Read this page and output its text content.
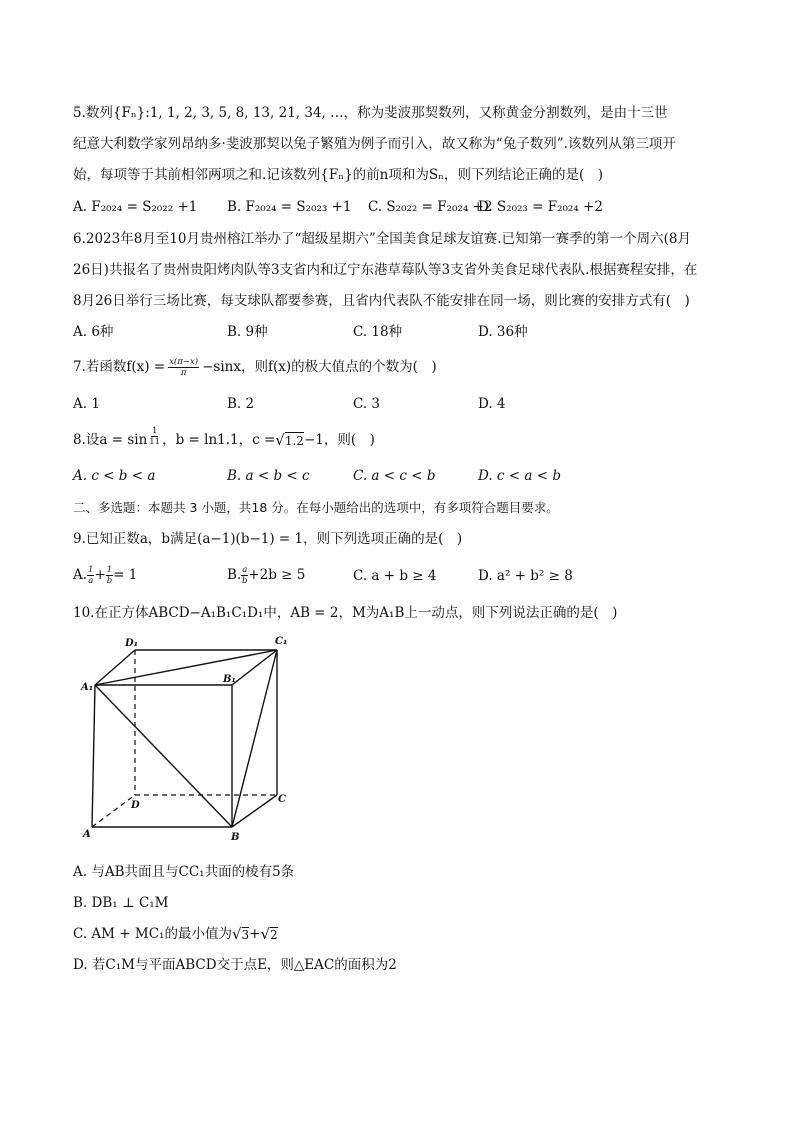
5.数列{Fₙ}:1, 1, 2, 3, 5, 8, 13, 21, 34, …，称为斐波那契数列，又称黄金分割数列，是由十三世
纪意大利数学家列昂纳多·斐波那契以兔子繁殖为例子而引入，故又称为“兔子数列”.该数列从第三项开
始，每项等于其前相邻两项之和.记该数列{Fₙ}的前n项和为Sₙ，则下列结论正确的是(　)
A. F₂₀₂₄ = S₂₀₂₂ +1 B. F₂₀₂₄ = S₂₀₂₃ +1 C. S₂₀₂₂ = F₂₀₂₄ +2
D. S₂₀₂₃ = F₂₀₂₄ +2
6.2023年8月至10月贵州榕江举办了“超级星期六”全国美食足球友谊赛.已知第一赛季的第一个周六(8月
26日)共报名了贵州贵阳烤肉队等3支省内和辽宁东港草莓队等3支省外美食足球代表队.根据赛程安排，在
8月26日举行三场比赛，每支球队都要参赛，且省内代表队不能安排在同一场，则比赛的安排方式有(　)
A. 6种	B. 9种	C. 18种	D. 36种
7.若函数$f(x) = \frac{x(\pi-x)}{\pi} -\sin x$，则f(x)的极大值点的个数为(　)
A. 1	B. 2	C. 3	D. 4
8.设$a = \sin \frac{1}{11}$ ，b = ln1.1，c = √ 1.2 −1，则(　)
A. c < b < a	B. a < b < c	C. a < c < b	D. c < a < b
二、多选题：本题共 3 小题，共18 分。在每小题给出的选项中，有多项符合题目要求。
9.已知正数a，b满足(a−1)(b−1) = 1，则下列选项正确的是(　)
A. $\frac{1}{a} + \frac{1}{b} = 1$	B. $\frac{a}{b} +2b \ge 5$	C. a + b ≥ 4	D. a² + b² ≥ 8
10.在正方体ABCD−A₁B₁C₁D₁中，AB = 2，M为A₁B上一动点，则下列说法正确的是(　)
D₁	C₁
A₁
B₁
D
C
A	B
A. 与AB共面且与CC₁共面的棱有5条
B. DB₁ ⊥ C₁M
C. AM + MC₁的最小值为 √ 3 + √ 2
D. 若C₁M与平面ABCD交于点E，则△EAC的面积为2
